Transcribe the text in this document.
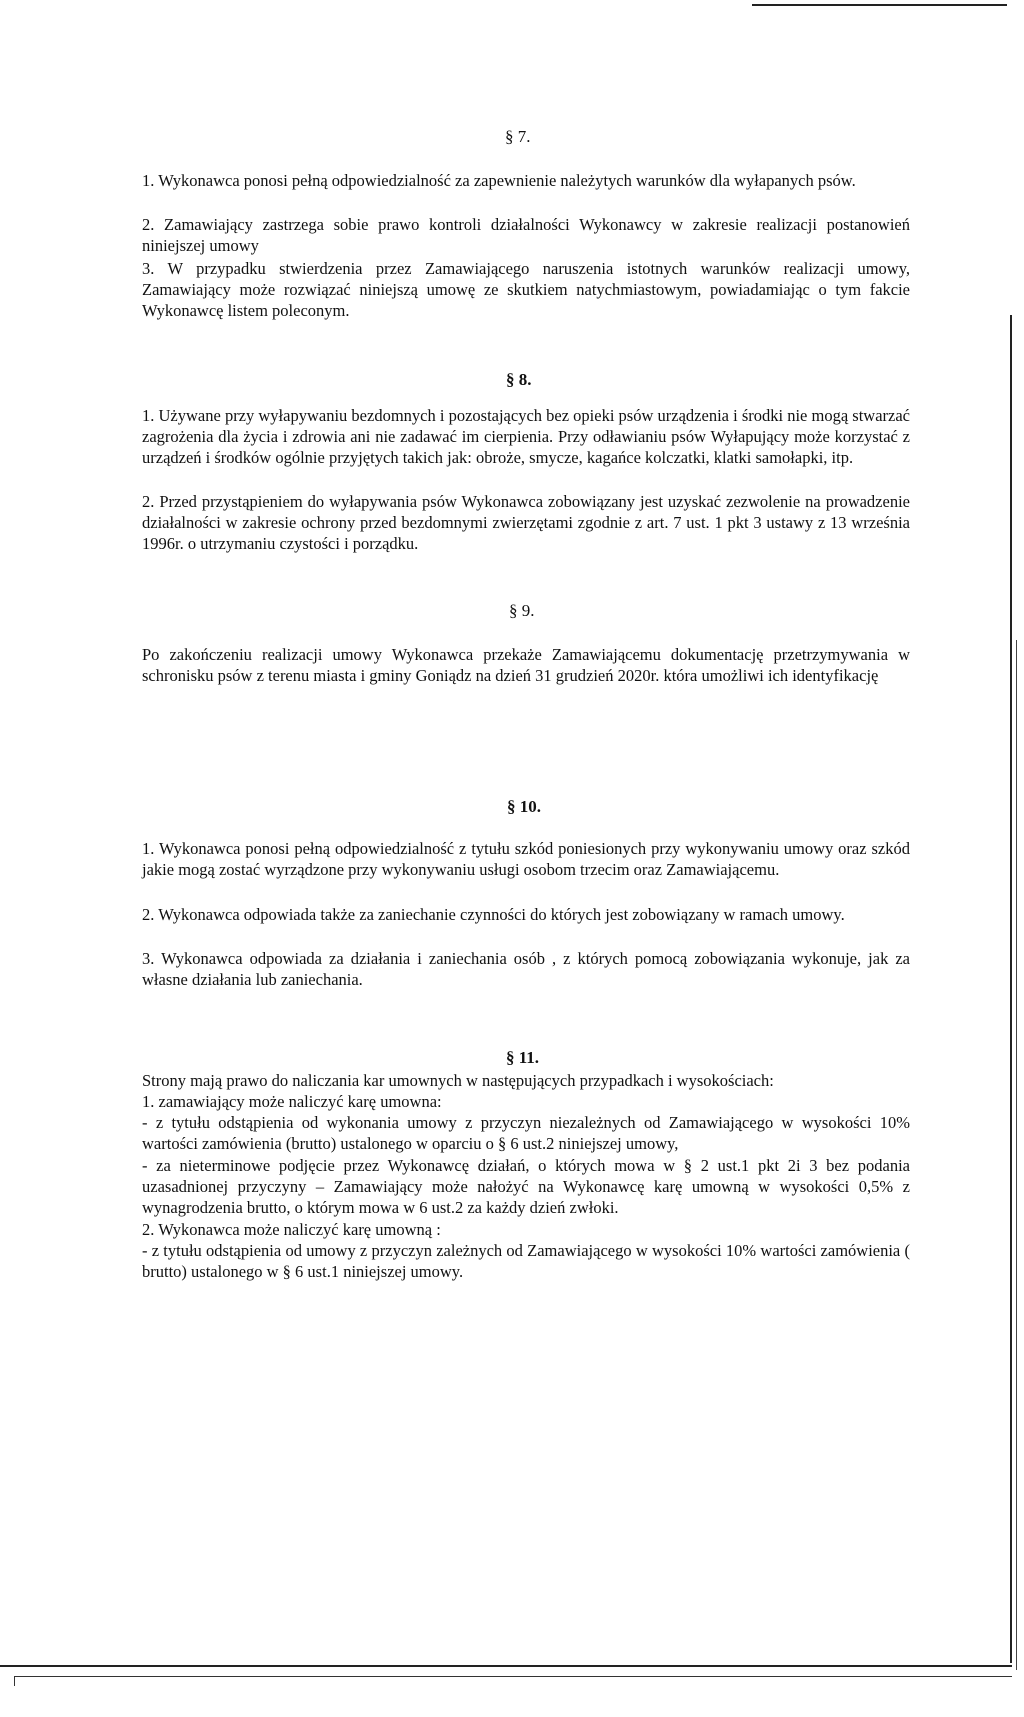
§ 7.

1. Wykonawca ponosi pełną odpowiedzialność za zapewnienie należytych warunków dla wyłapanych psów.

2. Zamawiający zastrzega sobie prawo kontroli działalności Wykonawcy w zakresie realizacji postanowień niniejszej umowy

3. W przypadku stwierdzenia przez Zamawiającego naruszenia istotnych warunków realizacji umowy, Zamawiający może rozwiązać niniejszą umowę ze skutkiem natychmiastowym, powiadamiając o tym fakcie Wykonawcę listem poleconym.

§ 8.

1. Używane przy wyłapywaniu bezdomnych i pozostających bez opieki psów urządzenia i środki nie mogą stwarzać zagrożenia dla życia i zdrowia ani nie zadawać im cierpienia. Przy odławianiu psów Wyłapujący może korzystać z urządzeń i środków ogólnie przyjętych takich jak: obroże, smycze, kagańce kolczatki, klatki samołapki, itp.

2. Przed przystąpieniem do wyłapywania psów Wykonawca zobowiązany jest uzyskać zezwolenie na prowadzenie działalności w zakresie ochrony przed bezdomnymi zwierzętami zgodnie z art. 7 ust. 1 pkt 3 ustawy z 13 września 1996r. o utrzymaniu czystości i porządku.

§ 9.

Po zakończeniu realizacji umowy Wykonawca przekaże Zamawiającemu dokumentację przetrzymywania w schronisku psów z terenu miasta i gminy Goniądz na dzień 31 grudzień 2020r. która umożliwi ich identyfikację

§ 10.

1. Wykonawca ponosi pełną odpowiedzialność z tytułu szkód poniesionych przy wykonywaniu umowy oraz szkód jakie mogą zostać wyrządzone przy wykonywaniu usługi osobom trzecim oraz Zamawiającemu.

2. Wykonawca odpowiada także za zaniechanie czynności do których jest zobowiązany w ramach umowy.

3. Wykonawca odpowiada za działania i zaniechania osób , z których pomocą zobowiązania wykonuje, jak za własne działania lub zaniechania.

§ 11.

Strony mają prawo do naliczania kar umownych w następujących przypadkach i wysokościach:

1. zamawiający może naliczyć karę umowna:

- z tytułu odstąpienia od wykonania umowy z przyczyn niezależnych od Zamawiającego w wysokości 10% wartości zamówienia (brutto) ustalonego w oparciu o § 6 ust.2 niniejszej umowy,

- za nieterminowe podjęcie przez Wykonawcę działań, o których mowa w § 2 ust.1 pkt 2i 3 bez podania uzasadnionej przyczyny – Zamawiający może nałożyć na Wykonawcę karę umowną w wysokości 0,5% z wynagrodzenia brutto, o którym mowa w 6 ust.2 za każdy dzień zwłoki.

2. Wykonawca może naliczyć karę umowną :

- z tytułu odstąpienia od umowy z przyczyn zależnych od Zamawiającego w wysokości 10% wartości zamówienia ( brutto) ustalonego w § 6 ust.1 niniejszej umowy.
